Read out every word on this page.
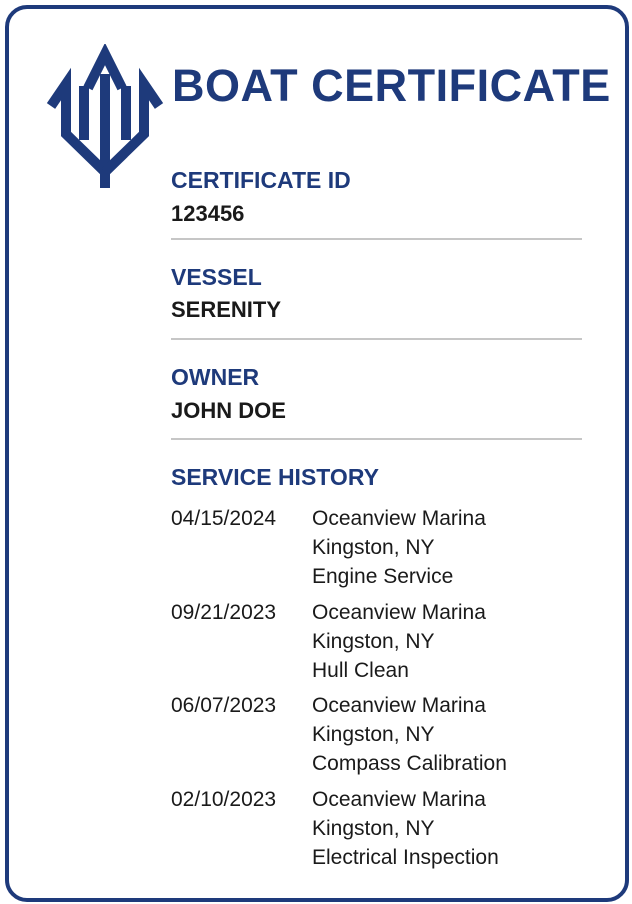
BOAT CERTIFICATE
CERTIFICATE ID
123456
VESSEL
SERENITY
OWNER
JOHN DOE
SERVICE HISTORY
04/15/2024	Oceanview Marina
Kingston, NY
Engine Service
09/21/2023	Oceanview Marina
Kingston, NY
Hull Clean
06/07/2023	Oceanview Marina
Kingston, NY
Compass Calibration
02/10/2023	Oceanview Marina
Kingston, NY
Electrical Inspection
